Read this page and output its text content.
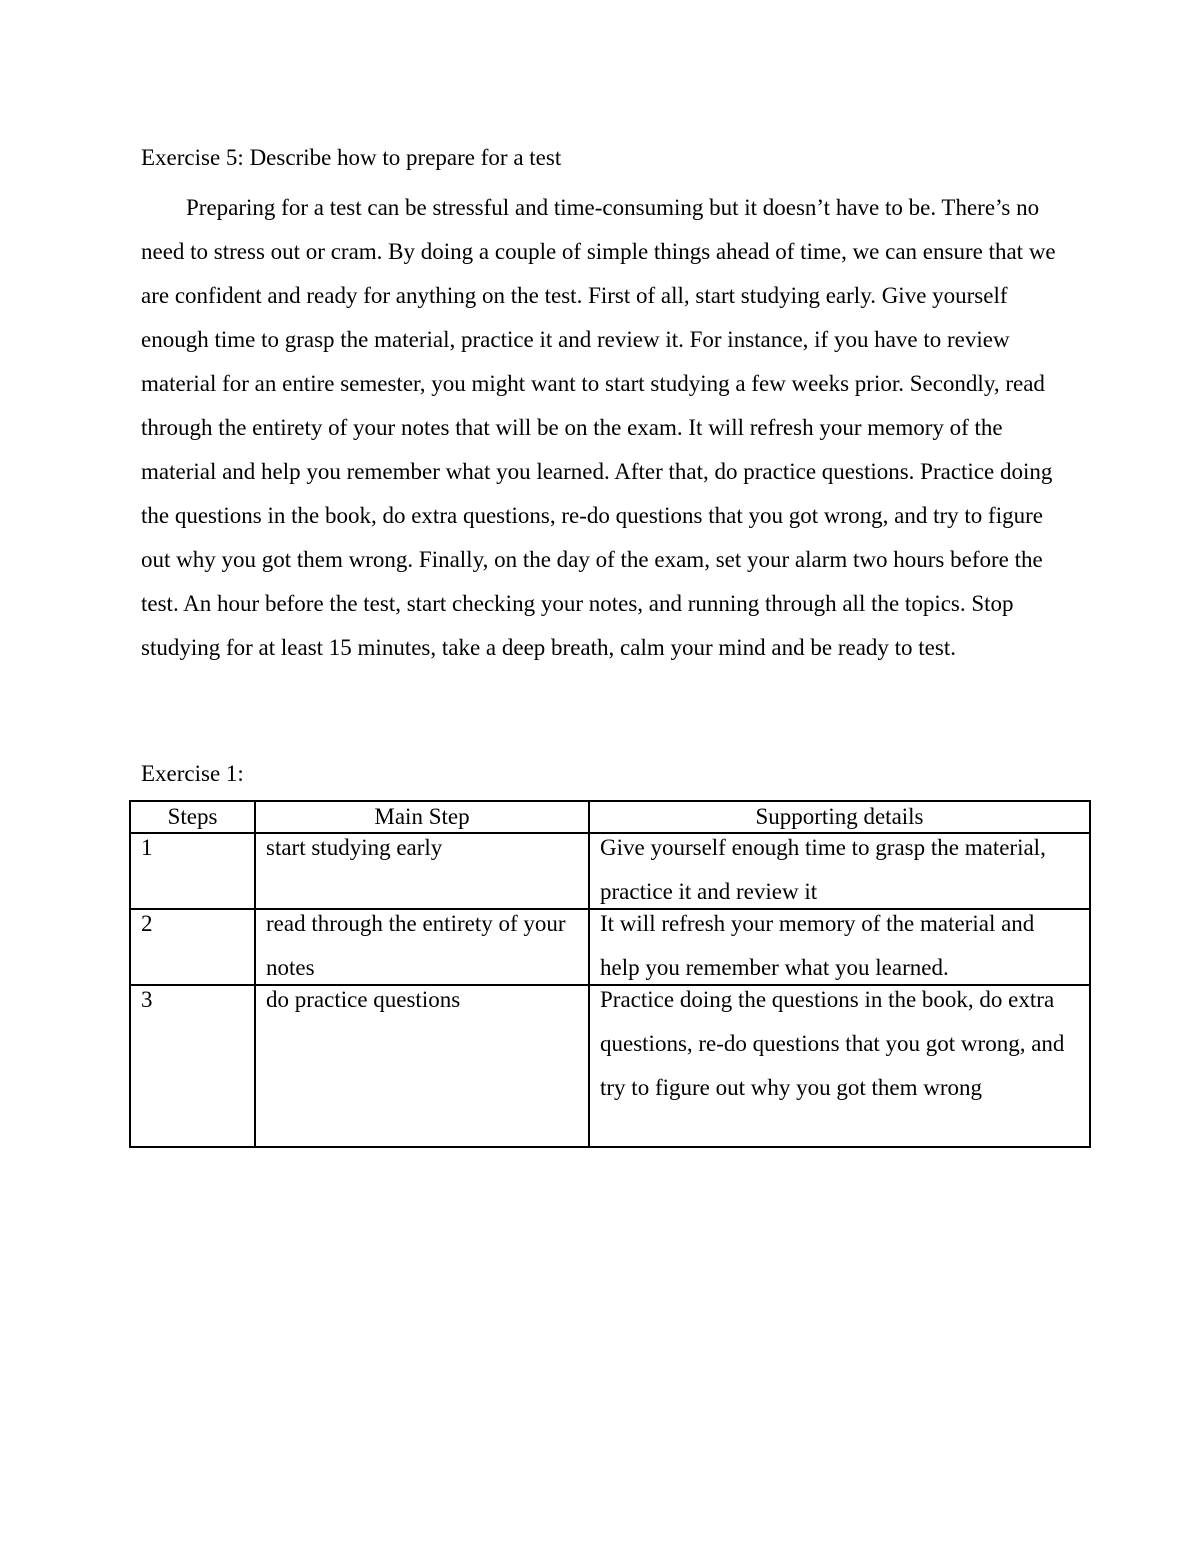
Exercise 5: Describe how to prepare for a test

Preparing for a test can be stressful and time-consuming but it doesn’t have to be. There’s no need to stress out or cram. By doing a couple of simple things ahead of time, we can ensure that we are confident and ready for anything on the test. First of all, start studying early. Give yourself enough time to grasp the material, practice it and review it. For instance, if you have to review material for an entire semester, you might want to start studying a few weeks prior. Secondly, read through the entirety of your notes that will be on the exam. It will refresh your memory of the material and help you remember what you learned. After that, do practice questions. Practice doing the questions in the book, do extra questions, re-do questions that you got wrong, and try to figure out why you got them wrong. Finally, on the day of the exam, set your alarm two hours before the test. An hour before the test, start checking your notes, and running through all the topics. Stop studying for at least 15 minutes, take a deep breath, calm your mind and be ready to test.

Exercise 1:
Steps	Main Step	Supporting details

1	start studying early	Give yourself enough time to grasp the material, practice it and review it

2	read through the entirety of your notes	It will refresh your memory of the material and help you remember what you learned.

3	do practice questions	Practice doing the questions in the book, do extra questions, re-do questions that you got wrong, and try to figure out why you got them wrong
